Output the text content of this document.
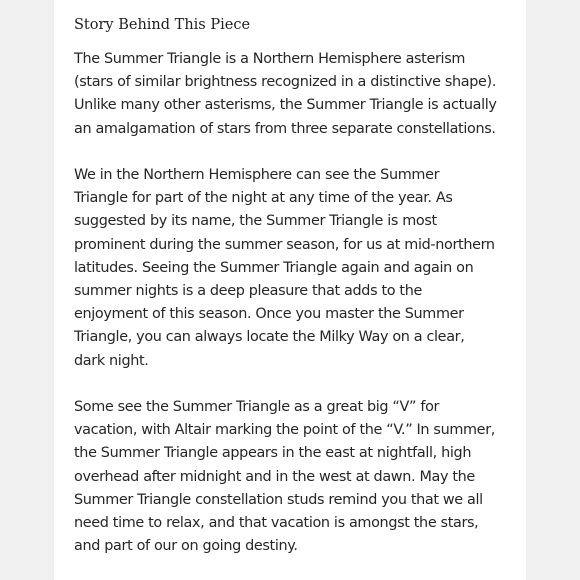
Story Behind This Piece
The Summer Triangle is a Northern Hemisphere asterism
(stars of similar brightness recognized in a distinctive shape).
Unlike many other asterisms, the Summer Triangle is actually
an amalgamation of stars from three separate constellations.
We in the Northern Hemisphere can see the Summer
Triangle for part of the night at any time of the year. As
suggested by its name, the Summer Triangle is most
prominent during the summer season, for us at mid-northern
latitudes. Seeing the Summer Triangle again and again on
summer nights is a deep pleasure that adds to the
enjoyment of this season. Once you master the Summer
Triangle, you can always locate the Milky Way on a clear,
dark night.
Some see the Summer Triangle as a great big “V” for
vacation, with Altair marking the point of the “V.” In summer,
the Summer Triangle appears in the east at nightfall, high
overhead after midnight and in the west at dawn. May the
Summer Triangle constellation studs remind you that we all
need time to relax, and that vacation is amongst the stars,
and part of our on going destiny.
